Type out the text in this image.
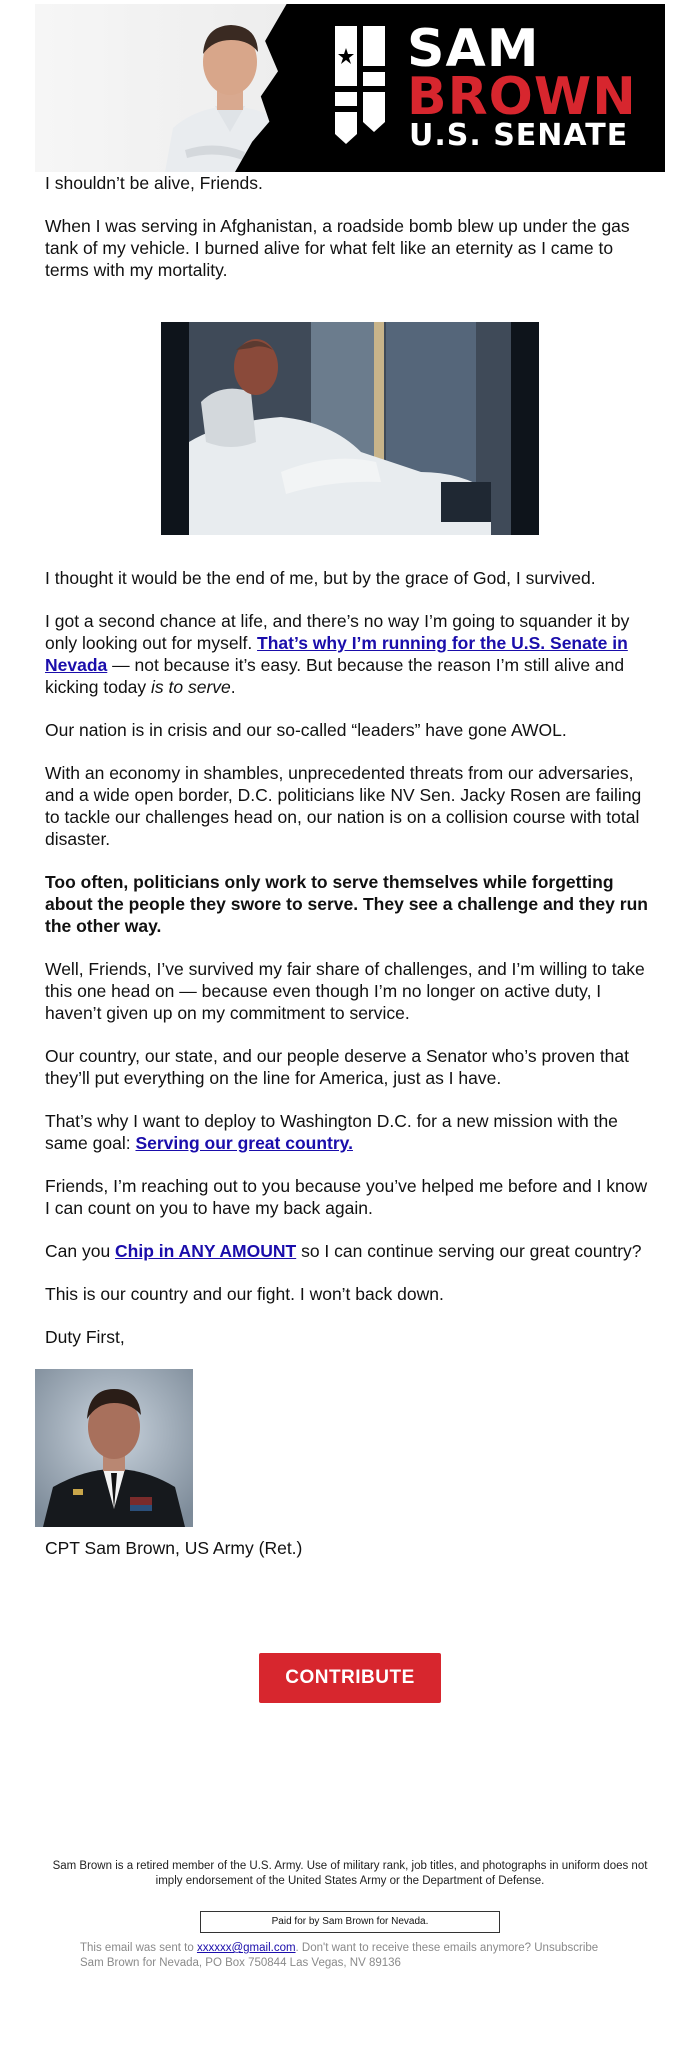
SAM
BROWN
U.S. SENATE

I shouldn’t be alive, Friends.

When I was serving in Afghanistan, a roadside bomb blew up under the gas tank of my vehicle. I burned alive for what felt like an eternity as I came to terms with my mortality.

I thought it would be the end of me, but by the grace of God, I survived.

I got a second chance at life, and there’s no way I’m going to squander it by only looking out for myself. That’s why I’m running for the U.S. Senate in Nevada — not because it’s easy. But because the reason I’m still alive and kicking today is to serve.

Our nation is in crisis and our so-called “leaders” have gone AWOL.

With an economy in shambles, unprecedented threats from our adversaries, and a wide open border, D.C. politicians like NV Sen. Jacky Rosen are failing to tackle our challenges head on, our nation is on a collision course with total disaster.

Too often, politicians only work to serve themselves while forgetting about the people they swore to serve. They see a challenge and they run the other way.

Well, Friends, I’ve survived my fair share of challenges, and I’m willing to take this one head on — because even though I’m no longer on active duty, I haven’t given up on my commitment to service.

Our country, our state, and our people deserve a Senator who’s proven that they’ll put everything on the line for America, just as I have.

That’s why I want to deploy to Washington D.C. for a new mission with the same goal: Serving our great country.

Friends, I’m reaching out to you because you’ve helped me before and I know I can count on you to have my back again.

Can you Chip in ANY AMOUNT so I can continue serving our great country?

This is our country and our fight. I won’t back down.

Duty First,

CPT Sam Brown, US Army (Ret.)
CONTRIBUTE
Sam Brown is a retired member of the U.S. Army. Use of military rank, job titles, and photographs in uniform does not imply endorsement of the United States Army or the Department of Defense.
Paid for by Sam Brown for Nevada.
This email was sent to xxxxxx@gmail.com. Don't want to receive these emails anymore? Unsubscribe
Sam Brown for Nevada, PO Box 750844 Las Vegas, NV 89136
